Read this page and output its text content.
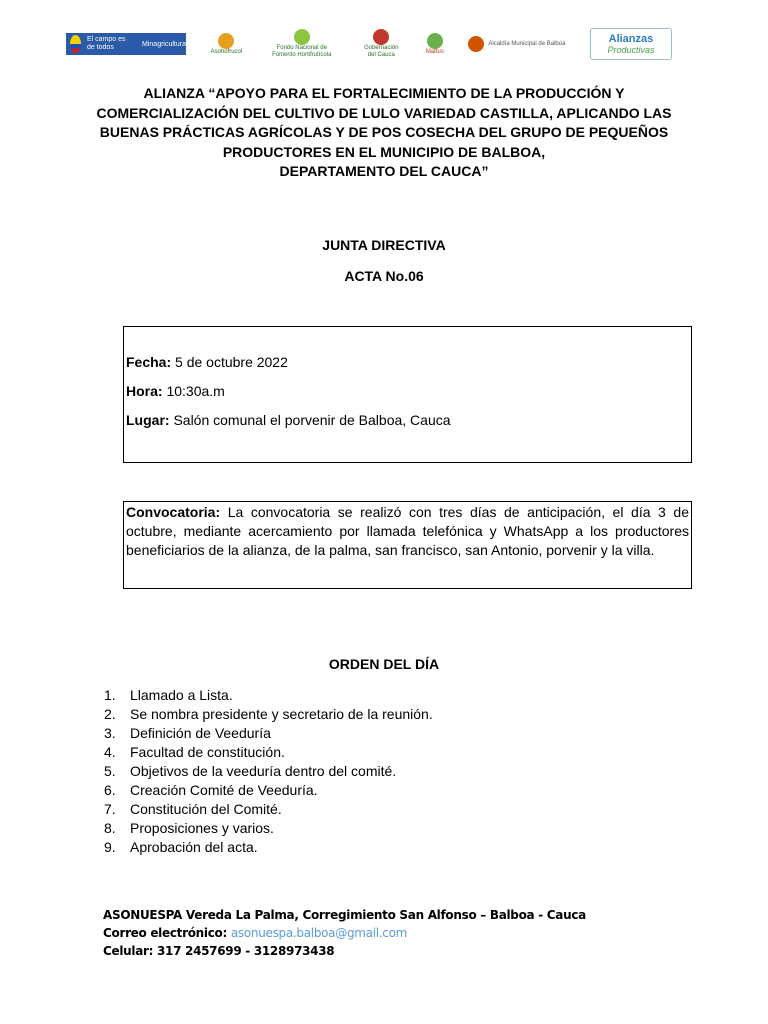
El campo es de todos	Minagricultura
Asohofrucol
Fondo Nacional de Fomento Hortifrutícola
Gobernación del Cauca
Mattus
Alcaldía Municipal de Balboa	Alianzas
Productivas
ALIANZA “APOYO PARA EL FORTALECIMIENTO DE LA PRODUCCIÓN Y
COMERCIALIZACIÓN DEL CULTIVO DE LULO VARIEDAD CASTILLA, APLICANDO LAS
BUENAS PRÁCTICAS AGRÍCOLAS Y DE POS COSECHA DEL GRUPO DE PEQUEÑOS
PRODUCTORES EN EL MUNICIPIO DE BALBOA,
DEPARTAMENTO DEL CAUCA”
JUNTA DIRECTIVA
ACTA No.06
Fecha: 5 de octubre 2022
Hora: 10:30a.m
Lugar: Salón comunal el porvenir de Balboa, Cauca
Convocatoria: La convocatoria se realizó con tres días de anticipación, el día 3 de octubre, mediante acercamiento por llamada telefónica y WhatsApp a los productores beneficiarios de la alianza, de la palma, san francisco, san Antonio, porvenir y la villa.
ORDEN DEL DÍA
1.	Llamado a Lista.
2.	Se nombra presidente y secretario de la reunión.
3.	Definición de Veeduría
4.	Facultad de constitución.
5.	Objetivos de la veeduría dentro del comité.
6.	Creación Comité de Veeduría.
7.	Constitución del Comité.
8.	Proposiciones y varios.
9.	Aprobación del acta.
ASONUESPA Vereda La Palma, Corregimiento San Alfonso – Balboa - Cauca
Correo electrónico: asonuespa.balboa@gmail.com
Celular: 317 2457699 - 3128973438
